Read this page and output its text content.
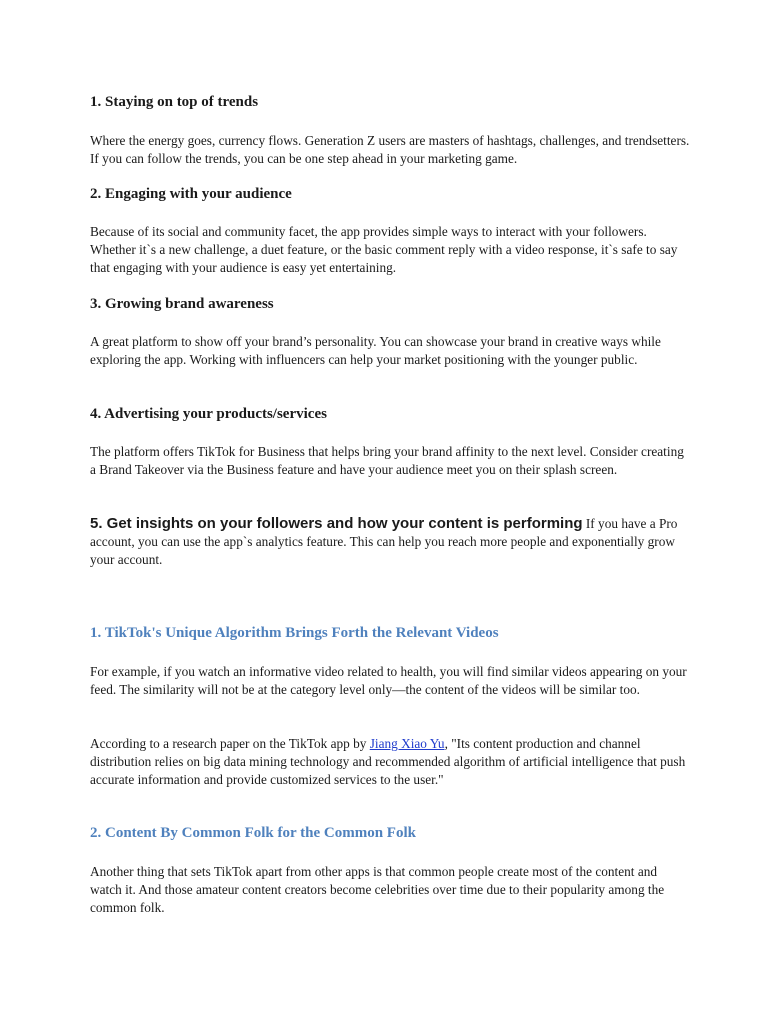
1. Staying on top of trends

Where the energy goes, currency flows. Generation Z users are masters of hashtags, challenges, and trendsetters. If you can follow the trends, you can be one step ahead in your marketing game.

2. Engaging with your audience

Because of its social and community facet, the app provides simple ways to interact with your followers. Whether it`s a new challenge, a duet feature, or the basic comment reply with a video response, it`s safe to say that engaging with your audience is easy yet entertaining.

3. Growing brand awareness

A great platform to show off your brand’s personality. You can showcase your brand in creative ways while exploring the app. Working with influencers can help your market positioning with the younger public.

4. Advertising your products/services

The platform offers TikTok for Business that helps bring your brand affinity to the next level. Consider creating a Brand Takeover via the Business feature and have your audience meet you on their splash screen.

5. Get insights on your followers and how your content is performing If you have a Pro account, you can use the app`s analytics feature. This can help you reach more people and exponentially grow your account.

1. TikTok's Unique Algorithm Brings Forth the Relevant Videos

For example, if you watch an informative video related to health, you will find similar videos appearing on your feed. The similarity will not be at the category level only—the content of the videos will be similar too.

According to a research paper on the TikTok app by Jiang Xiao Yu, "Its content production and channel distribution relies on big data mining technology and recommended algorithm of artificial intelligence that push accurate information and provide customized services to the user."

2. Content By Common Folk for the Common Folk

Another thing that sets TikTok apart from other apps is that common people create most of the content and watch it. And those amateur content creators become celebrities over time due to their popularity among the common folk.
